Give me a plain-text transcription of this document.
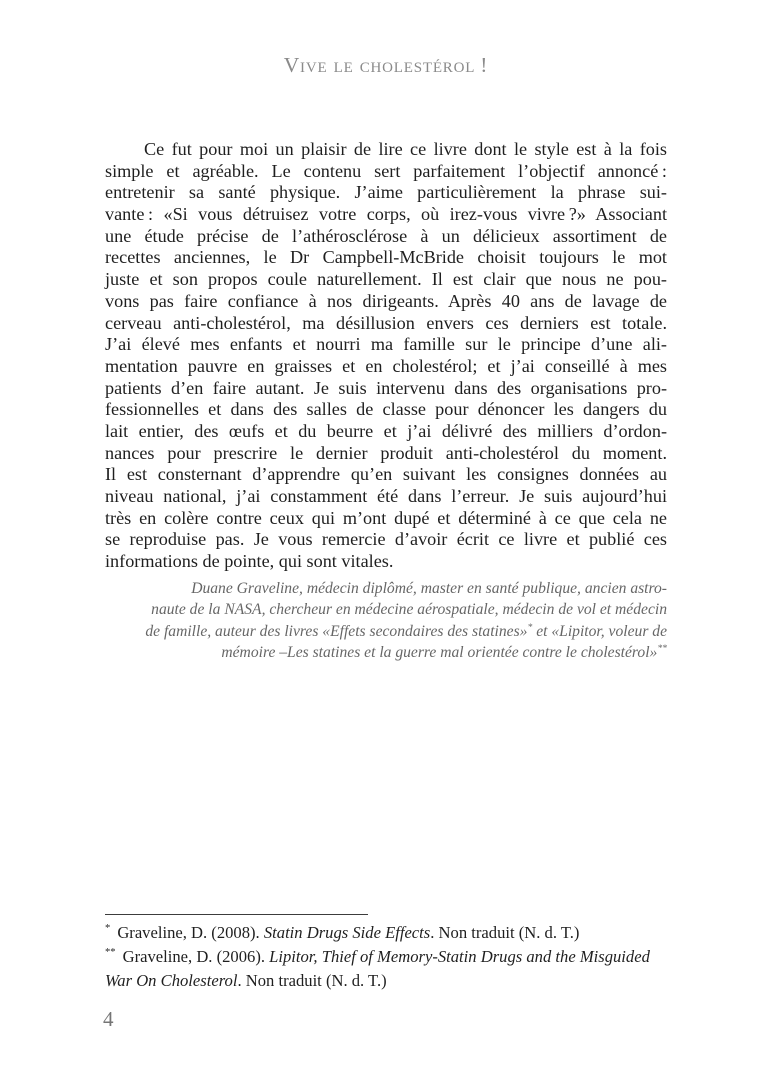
Vive le cholestérol !
Ce fut pour moi un plaisir de lire ce livre dont le style est à la fois
simple et agréable. Le contenu sert parfaitement l’objectif annoncé :
entretenir sa santé physique. J’aime particulièrement la phrase sui-
vante : «Si vous détruisez votre corps, où irez-vous vivre ?» Associant
une étude précise de l’athérosclérose à un délicieux assortiment de
recettes anciennes, le Dr Campbell-McBride choisit toujours le mot
juste et son propos coule naturellement. Il est clair que nous ne pou-
vons pas faire confiance à nos dirigeants. Après 40 ans de lavage de
cerveau anti-cholestérol, ma désillusion envers ces derniers est totale.
J’ai élevé mes enfants et nourri ma famille sur le principe d’une ali-
mentation pauvre en graisses et en cholestérol; et j’ai conseillé à mes
patients d’en faire autant. Je suis intervenu dans des organisations pro-
fessionnelles et dans des salles de classe pour dénoncer les dangers du
lait entier, des œufs et du beurre et j’ai délivré des milliers d’ordon-
nances pour prescrire le dernier produit anti-cholestérol du moment.
Il est consternant d’apprendre qu’en suivant les consignes données au
niveau national, j’ai constamment été dans l’erreur. Je suis aujourd’hui
très en colère contre ceux qui m’ont dupé et déterminé à ce que cela ne
se reproduise pas. Je vous remercie d’avoir écrit ce livre et publié ces
informations de pointe, qui sont vitales.
Duane Graveline, médecin diplômé, master en santé publique, ancien astro-
naute de la NASA, chercheur en médecine aérospatiale, médecin de vol et médecin
de famille, auteur des livres «Effets secondaires des statines»* et «Lipitor, voleur de
mémoire –Les statines et la guerre mal orientée contre le cholestérol»**

* Graveline, D. (2008). Statin Drugs Side Effects. Non traduit (N. d. T.)

** Graveline, D. (2006). Lipitor, Thief of Memory-Statin Drugs and the Misguided War On Cholesterol. Non traduit (N. d. T.)

4
